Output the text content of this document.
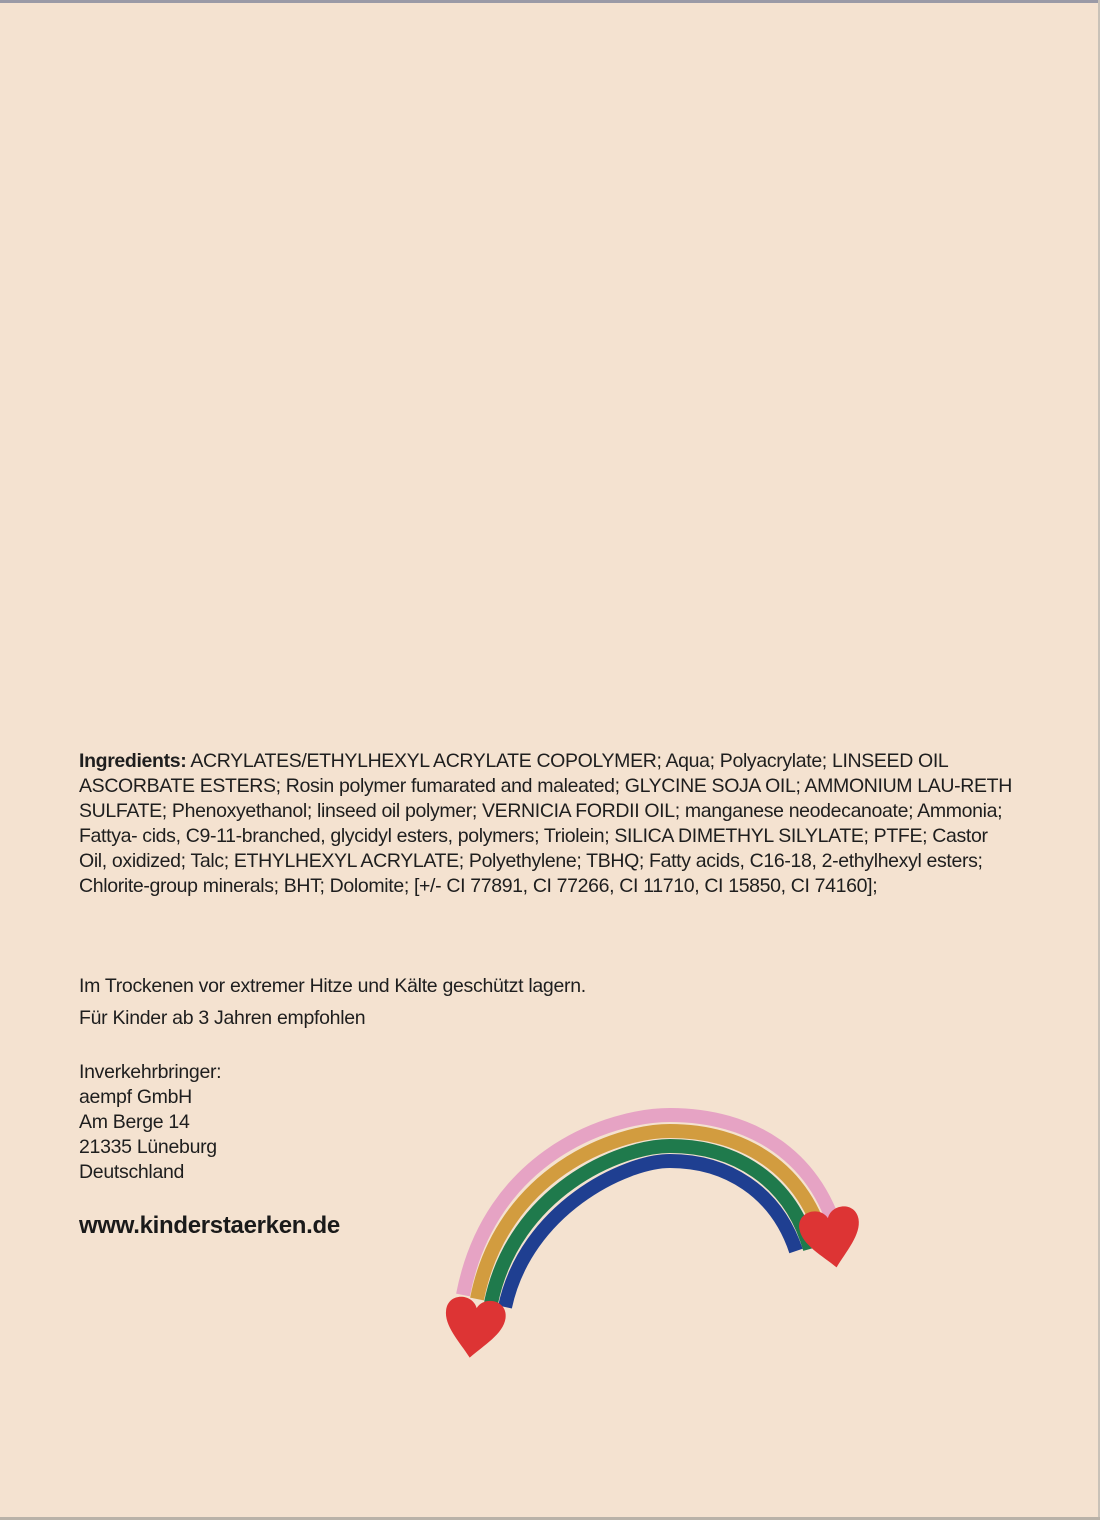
Ingredients: ACRYLATES/ETHYLHEXYL ACRYLATE COPOLYMER; Aqua; Polyacrylate; LINSEED OIL ASCORBATE ESTERS; Rosin polymer fumarated and maleated; GLYCINE SOJA OIL; AMMONIUM LAU-RETH SULFATE; Phenoxyethanol; linseed oil polymer; VERNICIA FORDII OIL; manganese neodecanoate; Ammonia; Fattya- cids, C9-11-branched, glycidyl esters, polymers; Triolein; SILICA DIMETHYL SILYLATE; PTFE; Castor Oil, oxidized; Talc; ETHYLHEXYL ACRYLATE; Polyethylene; TBHQ; Fatty acids, C16-18, 2-ethylhexyl esters; Chlorite-group minerals; BHT; Dolomite; [+/- CI 77891, CI 77266, CI 11710, CI 15850, CI 74160];

Im Trockenen vor extremer Hitze und Kälte geschützt lagern.
Für Kinder ab 3 Jahren empfohlen
Inverkehrbringer:
aempf GmbH
Am Berge 14
21335 Lüneburg
Deutschland
www.kinderstaerken.de
